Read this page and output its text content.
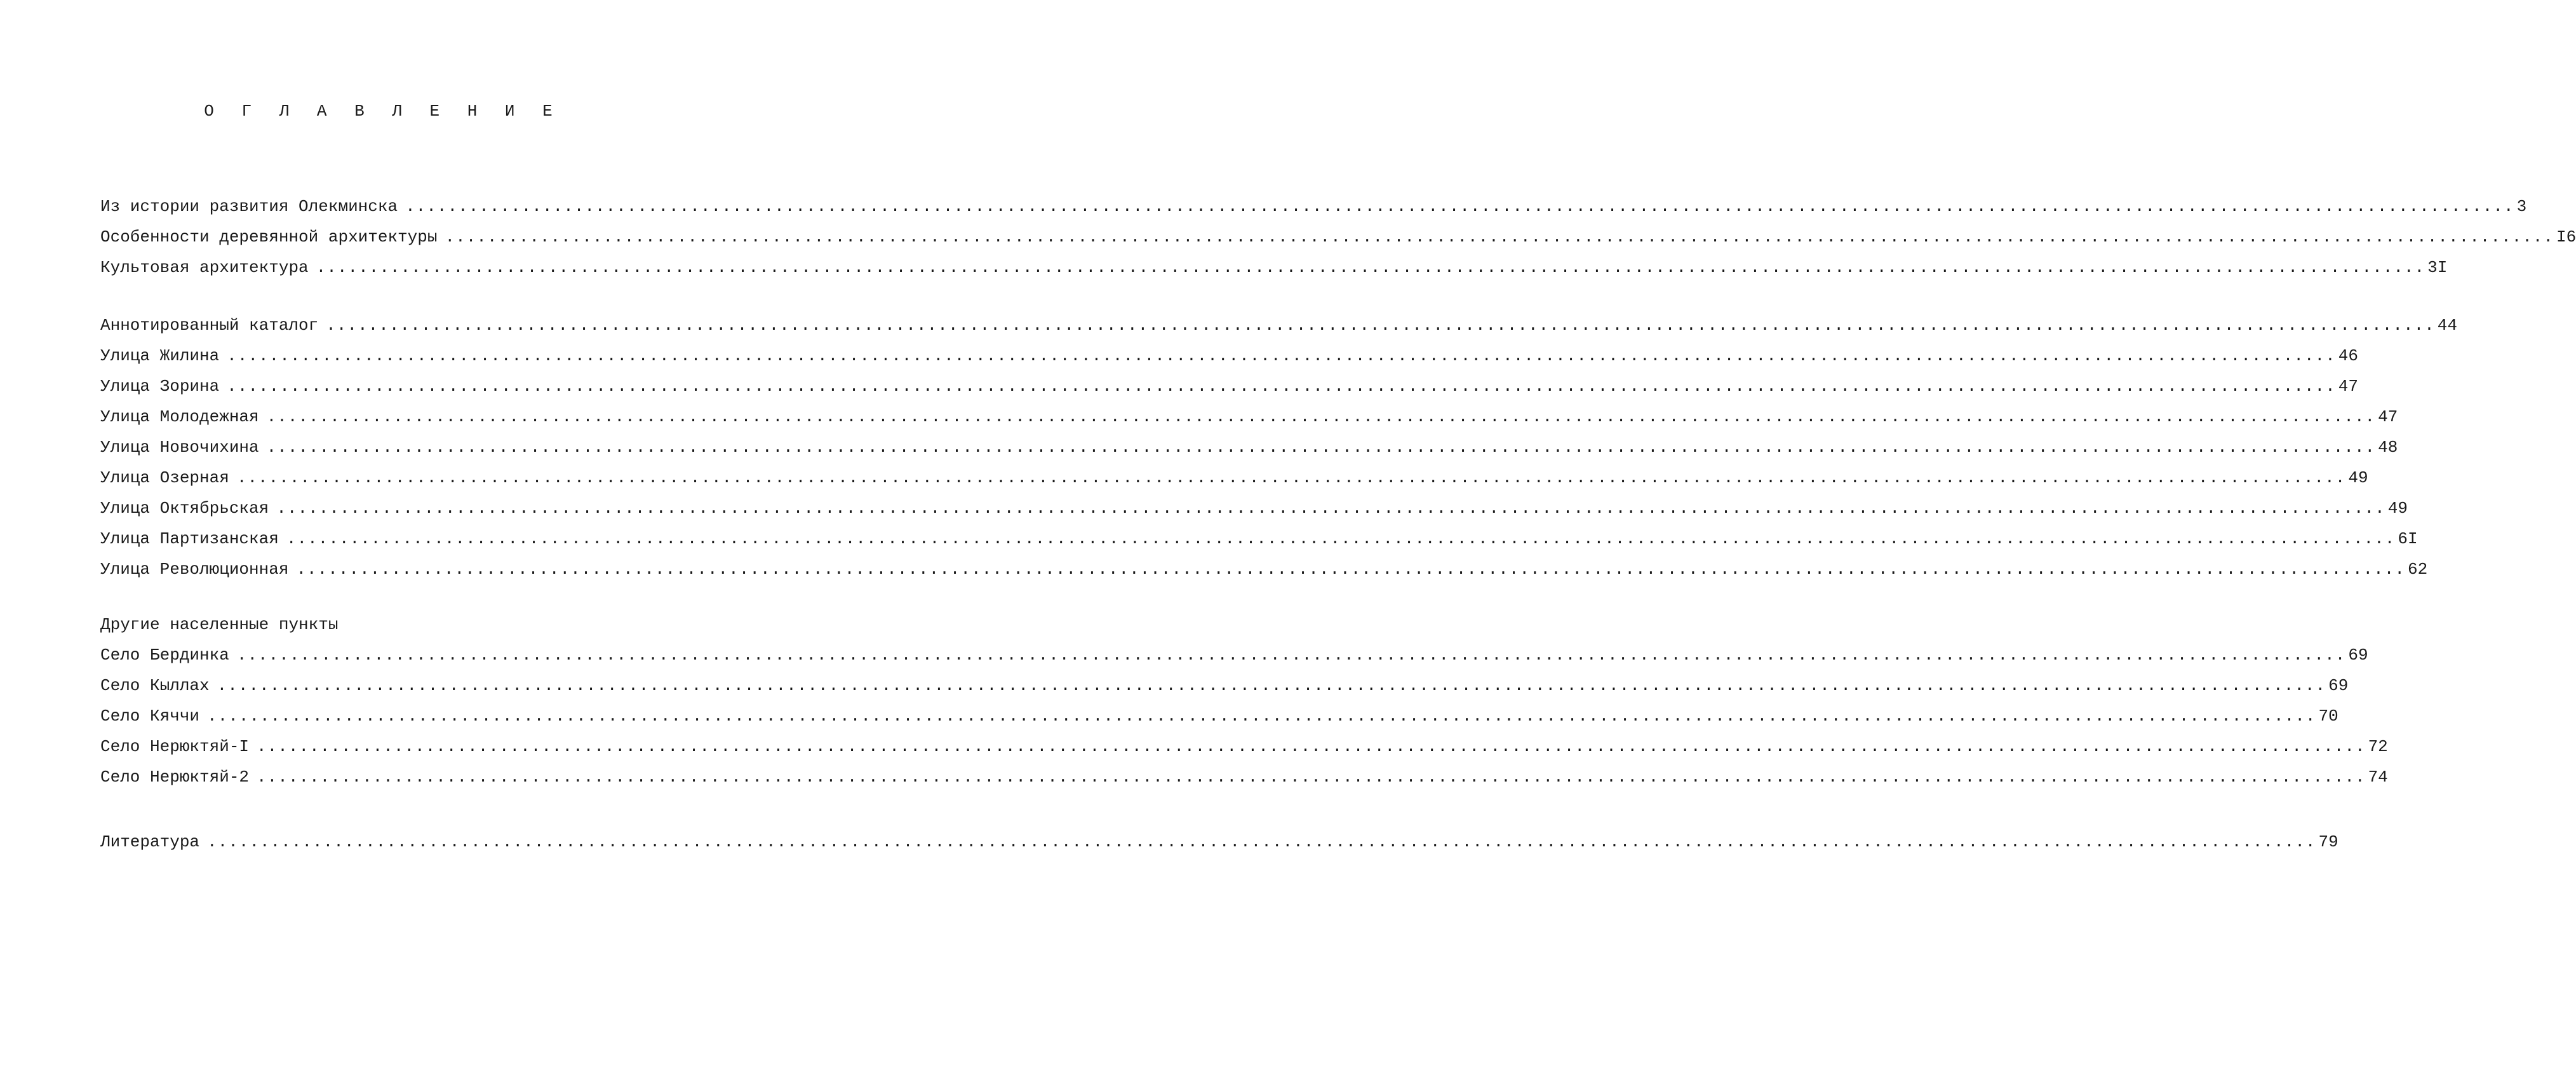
О Г Л А В Л Е Н И Е
Из истории развития Олекминска ........................................................................................................................................................................................................ 3
Особенности деревянной архитектуры ........................................................................................................................................................................................................ I6
Культовая архитектура ........................................................................................................................................................................................................ 3I
Аннотированный каталог ........................................................................................................................................................................................................ 44
Улица Жилина ........................................................................................................................................................................................................ 46
Улица Зорина ........................................................................................................................................................................................................ 47
Улица Молодежная ........................................................................................................................................................................................................ 47
Улица Новочихина ........................................................................................................................................................................................................ 48
Улица Озерная ........................................................................................................................................................................................................ 49
Улица Октябрьская ........................................................................................................................................................................................................ 49
Улица Партизанская ........................................................................................................................................................................................................ 6I
Улица Революционная ........................................................................................................................................................................................................ 62
Другие населенные пункты
Село Бердинка ........................................................................................................................................................................................................ 69
Село Кыллах ........................................................................................................................................................................................................ 69
Село Кяччи ........................................................................................................................................................................................................ 70
Село Нерюктяй-I ........................................................................................................................................................................................................ 72
Село Нерюктяй-2 ........................................................................................................................................................................................................ 74
Литература ........................................................................................................................................................................................................ 79
